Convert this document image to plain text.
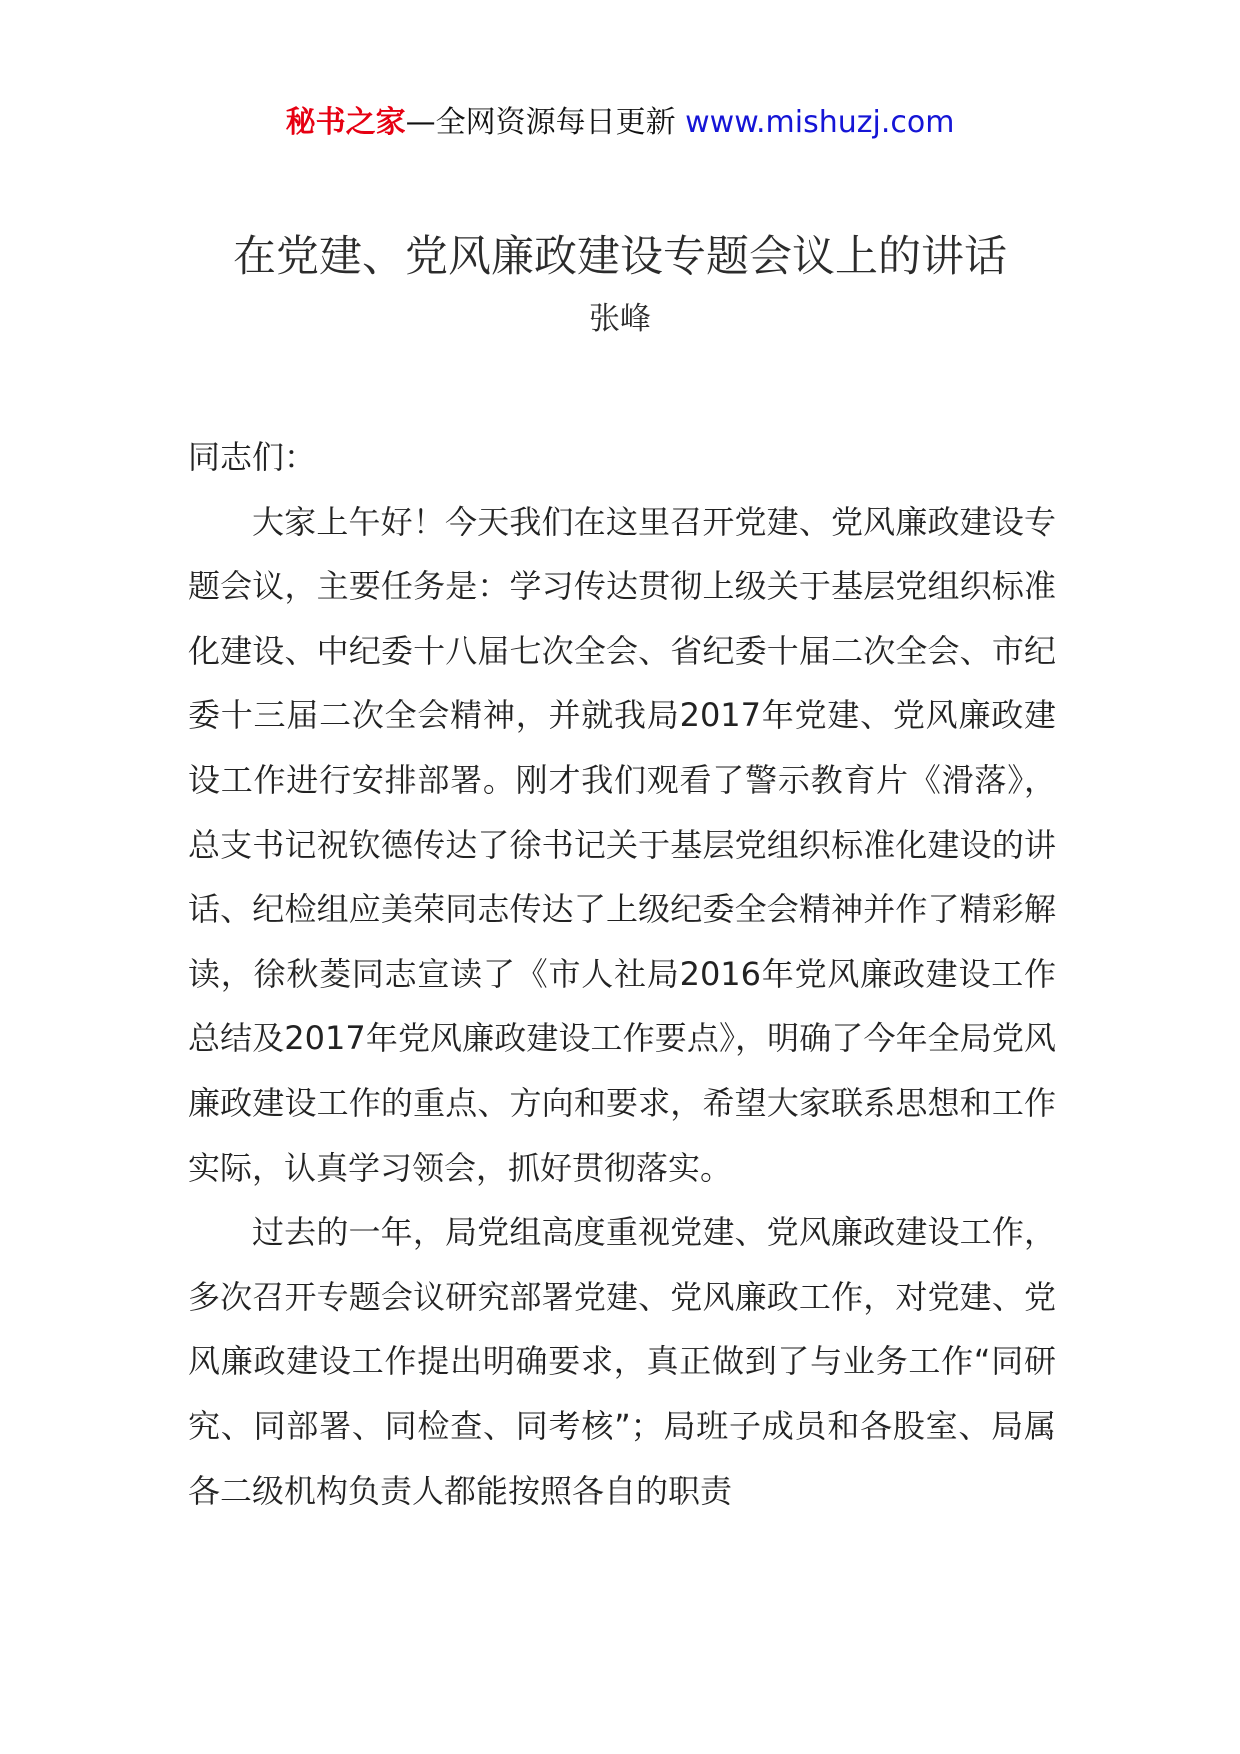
秘书之家—全网资源每日更新 www.mishuzj.com
在党建、党风廉政建设专题会议上的讲话
张峰

同志们：

大家上午好！今天我们在这里召开党建、党风廉政建设专题会议，主要任务是：学习传达贯彻上级关于基层党组织标准化建设、中纪委十八届七次全会、省纪委十届二次全会、市纪委十三届二次全会精神，并就我局2017年党建、党风廉政建设工作进行安排部署。刚才我们观看了警示教育片《滑落》，总支书记祝钦德传达了徐书记关于基层党组织标准化建设的讲话、纪检组应美荣同志传达了上级纪委全会精神并作了精彩解读，徐秋菱同志宣读了《市人社局2016年党风廉政建设工作总结及2017年党风廉政建设工作要点》，明确了今年全局党风廉政建设工作的重点、方向和要求，希望大家联系思想和工作实际，认真学习领会，抓好贯彻落实。

过去的一年，局党组高度重视党建、党风廉政建设工作，多次召开专题会议研究部署党建、党风廉政工作，对党建、党风廉政建设工作提出明确要求，真正做到了与业务工作“同研究、同部署、同检查、同考核”；局班子成员和各股室、局属各二级机构负责人都能按照各自的职责
